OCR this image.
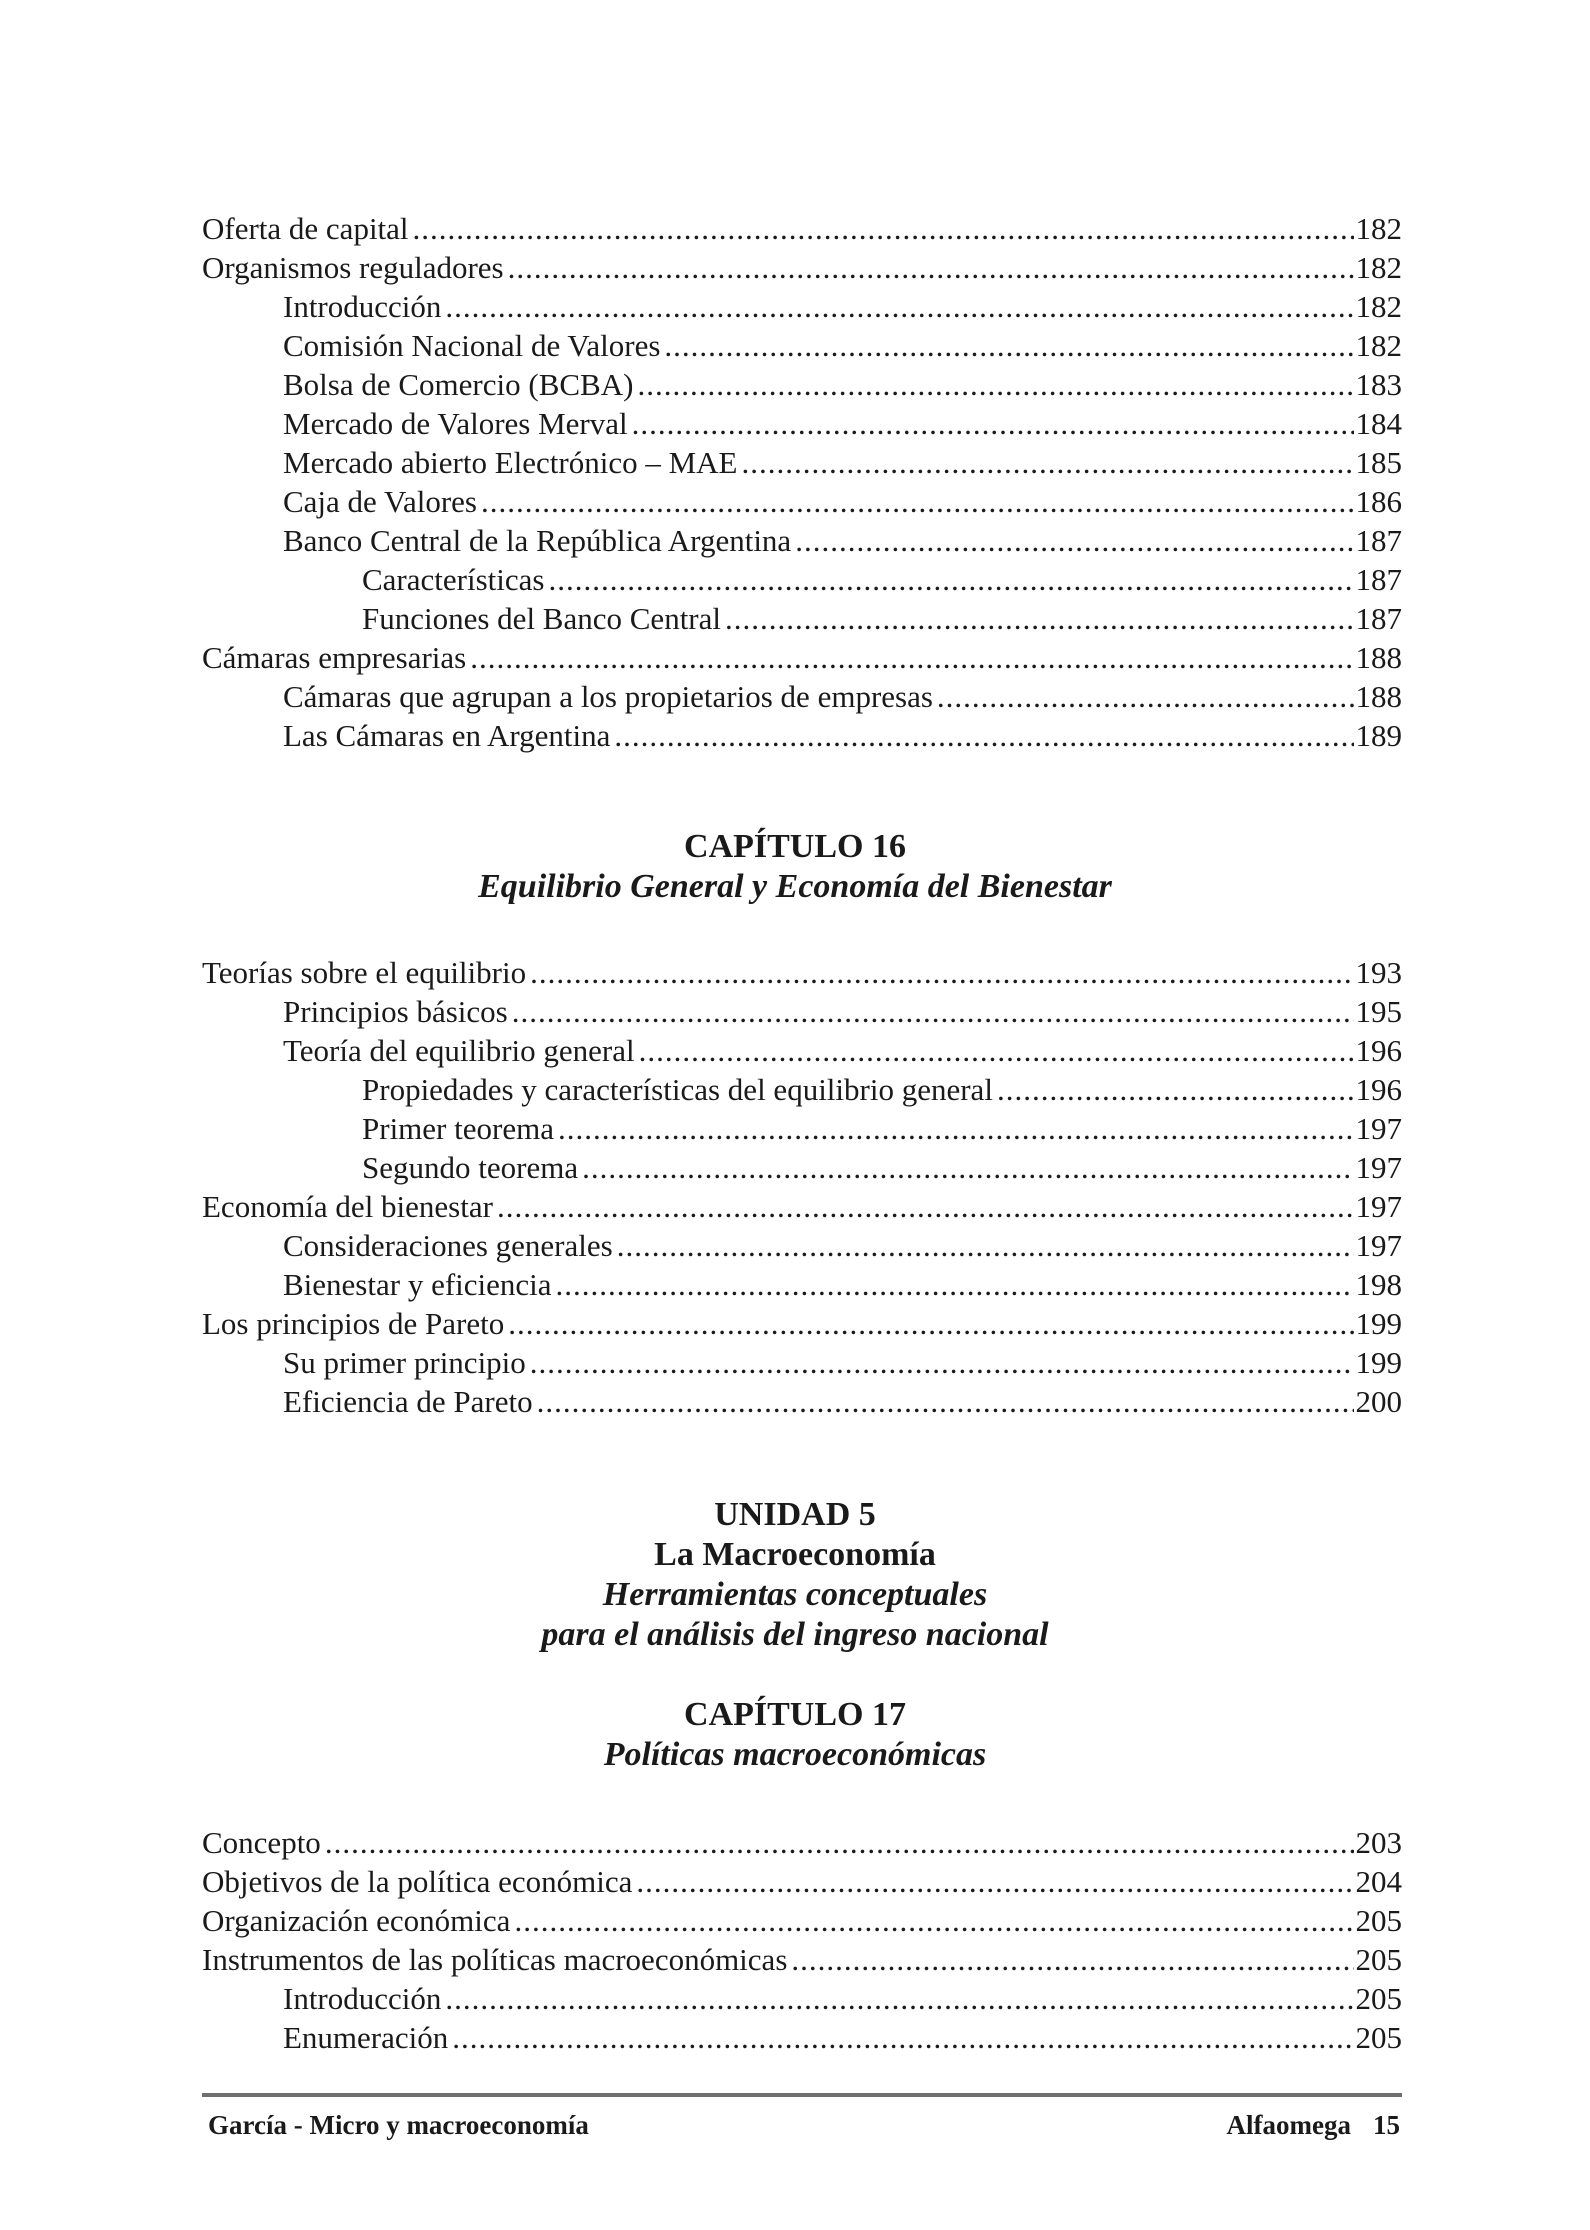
Oferta de capital .....	182
Organismos reguladores .....	182
Introducción .....	182
Comisión Nacional de Valores .....	182
Bolsa de Comercio (BCBA) .....	183
Mercado de Valores Merval .....	184
Mercado abierto Electrónico – MAE .....	185
Caja de Valores .....	186
Banco Central de la República Argentina .....	187
Características .....	187
Funciones del Banco Central .....	187
Cámaras empresarias .....	188
Cámaras que agrupan a los propietarios de empresas .....	188
Las Cámaras en Argentina .....	189
CAPÍTULO 16
Equilibrio General y Economía del Bienestar
Teorías sobre el equilibrio .....	193
Principios básicos .....	195
Teoría del equilibrio general .....	196
Propiedades y características del equilibrio general .....	196
Primer teorema .....	197
Segundo teorema .....	197
Economía del bienestar .....	197
Consideraciones generales .....	197
Bienestar y eficiencia .....	198
Los principios de Pareto .....	199
Su primer principio .....	199
Eficiencia de Pareto .....	200
UNIDAD 5
La Macroeconomía
Herramientas conceptuales
para el análisis del ingreso nacional
CAPÍTULO 17
Políticas macroeconómicas
Concepto .....	203
Objetivos de la política económica .....	204
Organización económica .....	205
Instrumentos de las políticas macroeconómicas .....	205
Introducción .....	205
Enumeración .....	205
García - Micro y macroeconomía	Alfaomega 15
